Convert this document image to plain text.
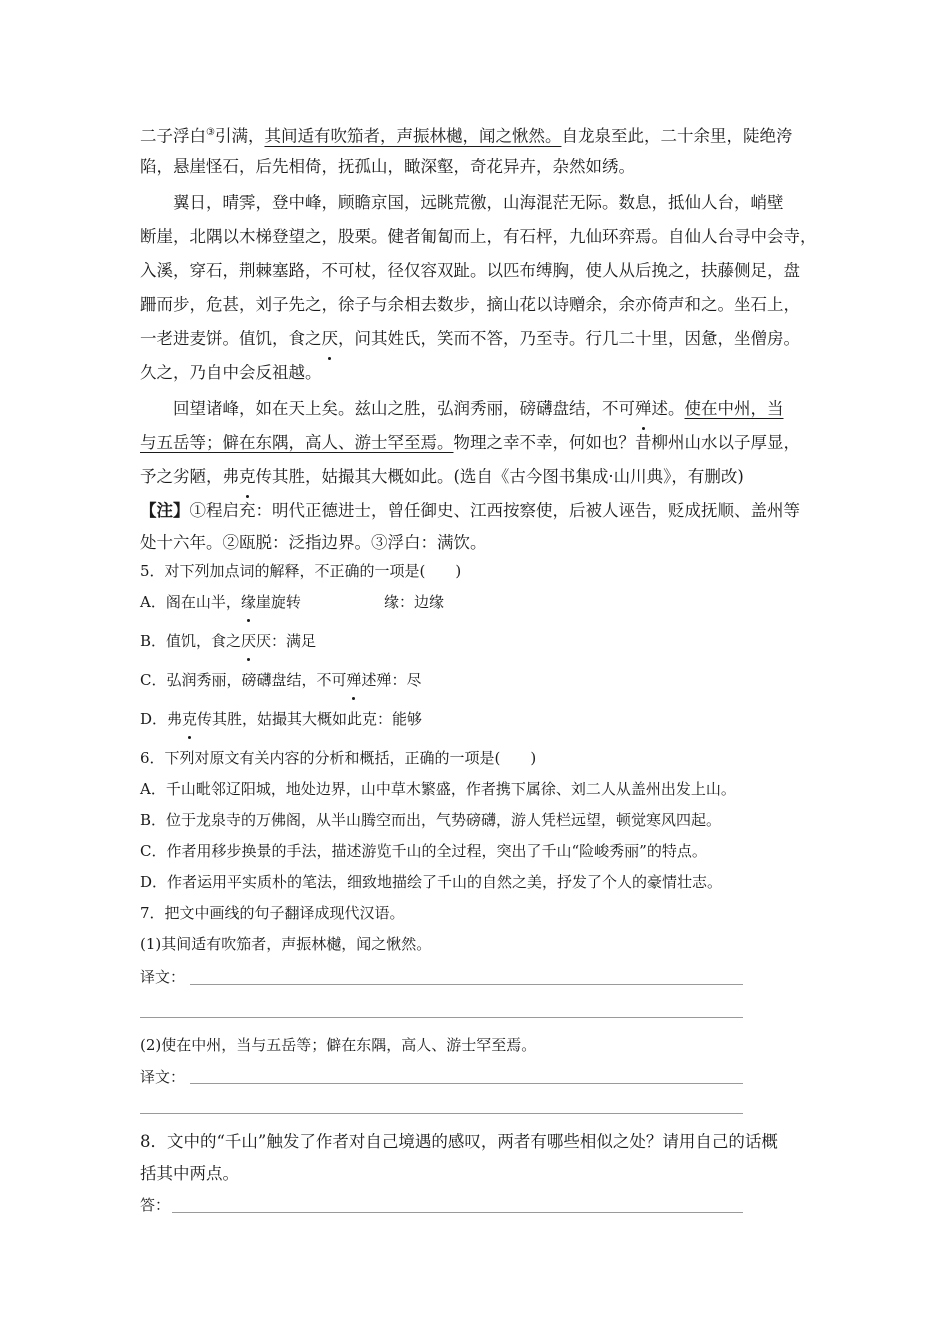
二子浮白③引满，其间适有吹笳者，声振林樾，闻之愀然。自龙泉至此，二十余里，陡绝洿

陷，悬崖怪石，后先相倚，抚孤山，瞰深壑，奇花异卉，杂然如绣。

翼日，晴霁，登中峰，顾瞻京国，远眺荒徼，山海混茫无际。数息，抵仙人台，峭壁

断崖，北隅以木梯登望之，股栗。健者匍匐而上，有石枰，九仙环弈焉。自仙人台寻中会寺，

入溪，穿石，荆棘塞路，不可杖，径仅容双趾。以匹布缚胸，使人从后挽之，扶藤侧足，盘

跚而步，危甚，刘子先之，徐子与余相去数步，摘山花以诗赠余，余亦倚声和之。坐石上，

一老进麦饼。值饥，食之厌，问其姓氏，笑而不答，乃至寺。行几二十里，因惫，坐僧房。

久之，乃自中会反祖越。

回望诸峰，如在天上矣。兹山之胜，弘润秀丽，磅礴盘结，不可殚述。使在中州，当

与五岳等；僻在东隅，高人、游士罕至焉。物理之幸不幸，何如也？昔柳州山水以子厚显，

予之劣陋，弗克传其胜，姑撮其大概如此。(选自《古今图书集成·山川典》，有删改)

【注】①程启充：明代正德进士，曾任御史、江西按察使，后被人诬告，贬成抚顺、盖州等

处十六年。②瓯脱：泛指边界。③浮白：满饮。

5．对下列加点词的解释，不正确的一项是(　　)

A．阁在山半，缘崖旋转	缘：边缘

B．值饥，食之厌厌：满足

C．弘润秀丽，磅礴盘结，不可殚述殚：尽

D．弗克传其胜，姑撮其大概如此克：能够

6．下列对原文有关内容的分析和概括，正确的一项是(　　)

A．千山毗邻辽阳城，地处边界，山中草木繁盛，作者携下属徐、刘二人从盖州出发上山。

B．位于龙泉寺的万佛阁，从半山腾空而出，气势磅礴，游人凭栏远望，顿觉寒风四起。

C．作者用移步换景的手法，描述游览千山的全过程，突出了千山“险峻秀丽”的特点。

D．作者运用平实质朴的笔法，细致地描绘了千山的自然之美，抒发了个人的豪情壮志。

7．把文中画线的句子翻译成现代汉语。

(1)其间适有吹笳者，声振林樾，闻之愀然。

译文：

(2)使在中州，当与五岳等；僻在东隅，高人、游士罕至焉。

译文：

8．文中的“千山”触发了作者对自己境遇的感叹，两者有哪些相似之处？请用自己的话概

括其中两点。

答：
